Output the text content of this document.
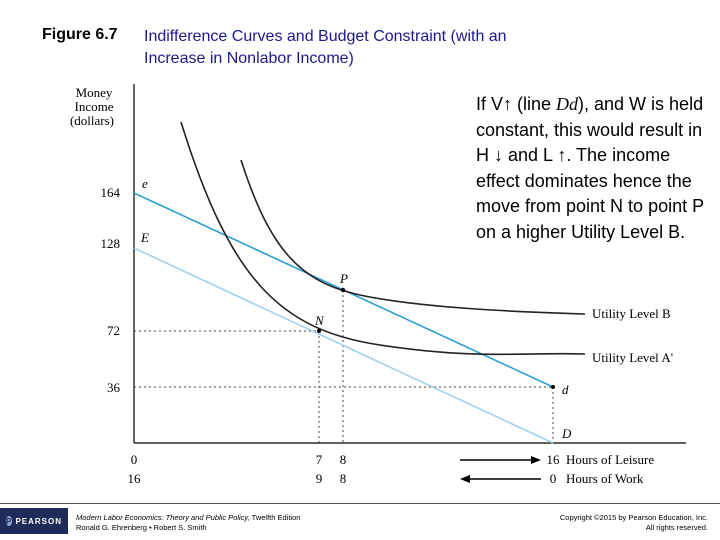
Figure 6.7 Indifference Curves and Budget Constraint (with an
Increase in Nonlabor Income)
If V↑ (line Dd), and W is held constant, this would result in H ↓ and L ↑. The income effect dominates hence the move from point N to point P on a higher Utility Level B.
Money
Income
(dollars)
164
128
72
36
e
E
P
N
d
D
Utility Level B
Utility Level A'
0	7 8	16
16	9 8	0
Hours of Leisure
Hours of Work
P PEARSON Modern Labor Economics: Theory and Public Policy, Twelfth Edition
Ronald G. Ehrenberg • Robert S. Smith
Copyright ©2015 by Pearson Education, Inc.
All rights reserved.
